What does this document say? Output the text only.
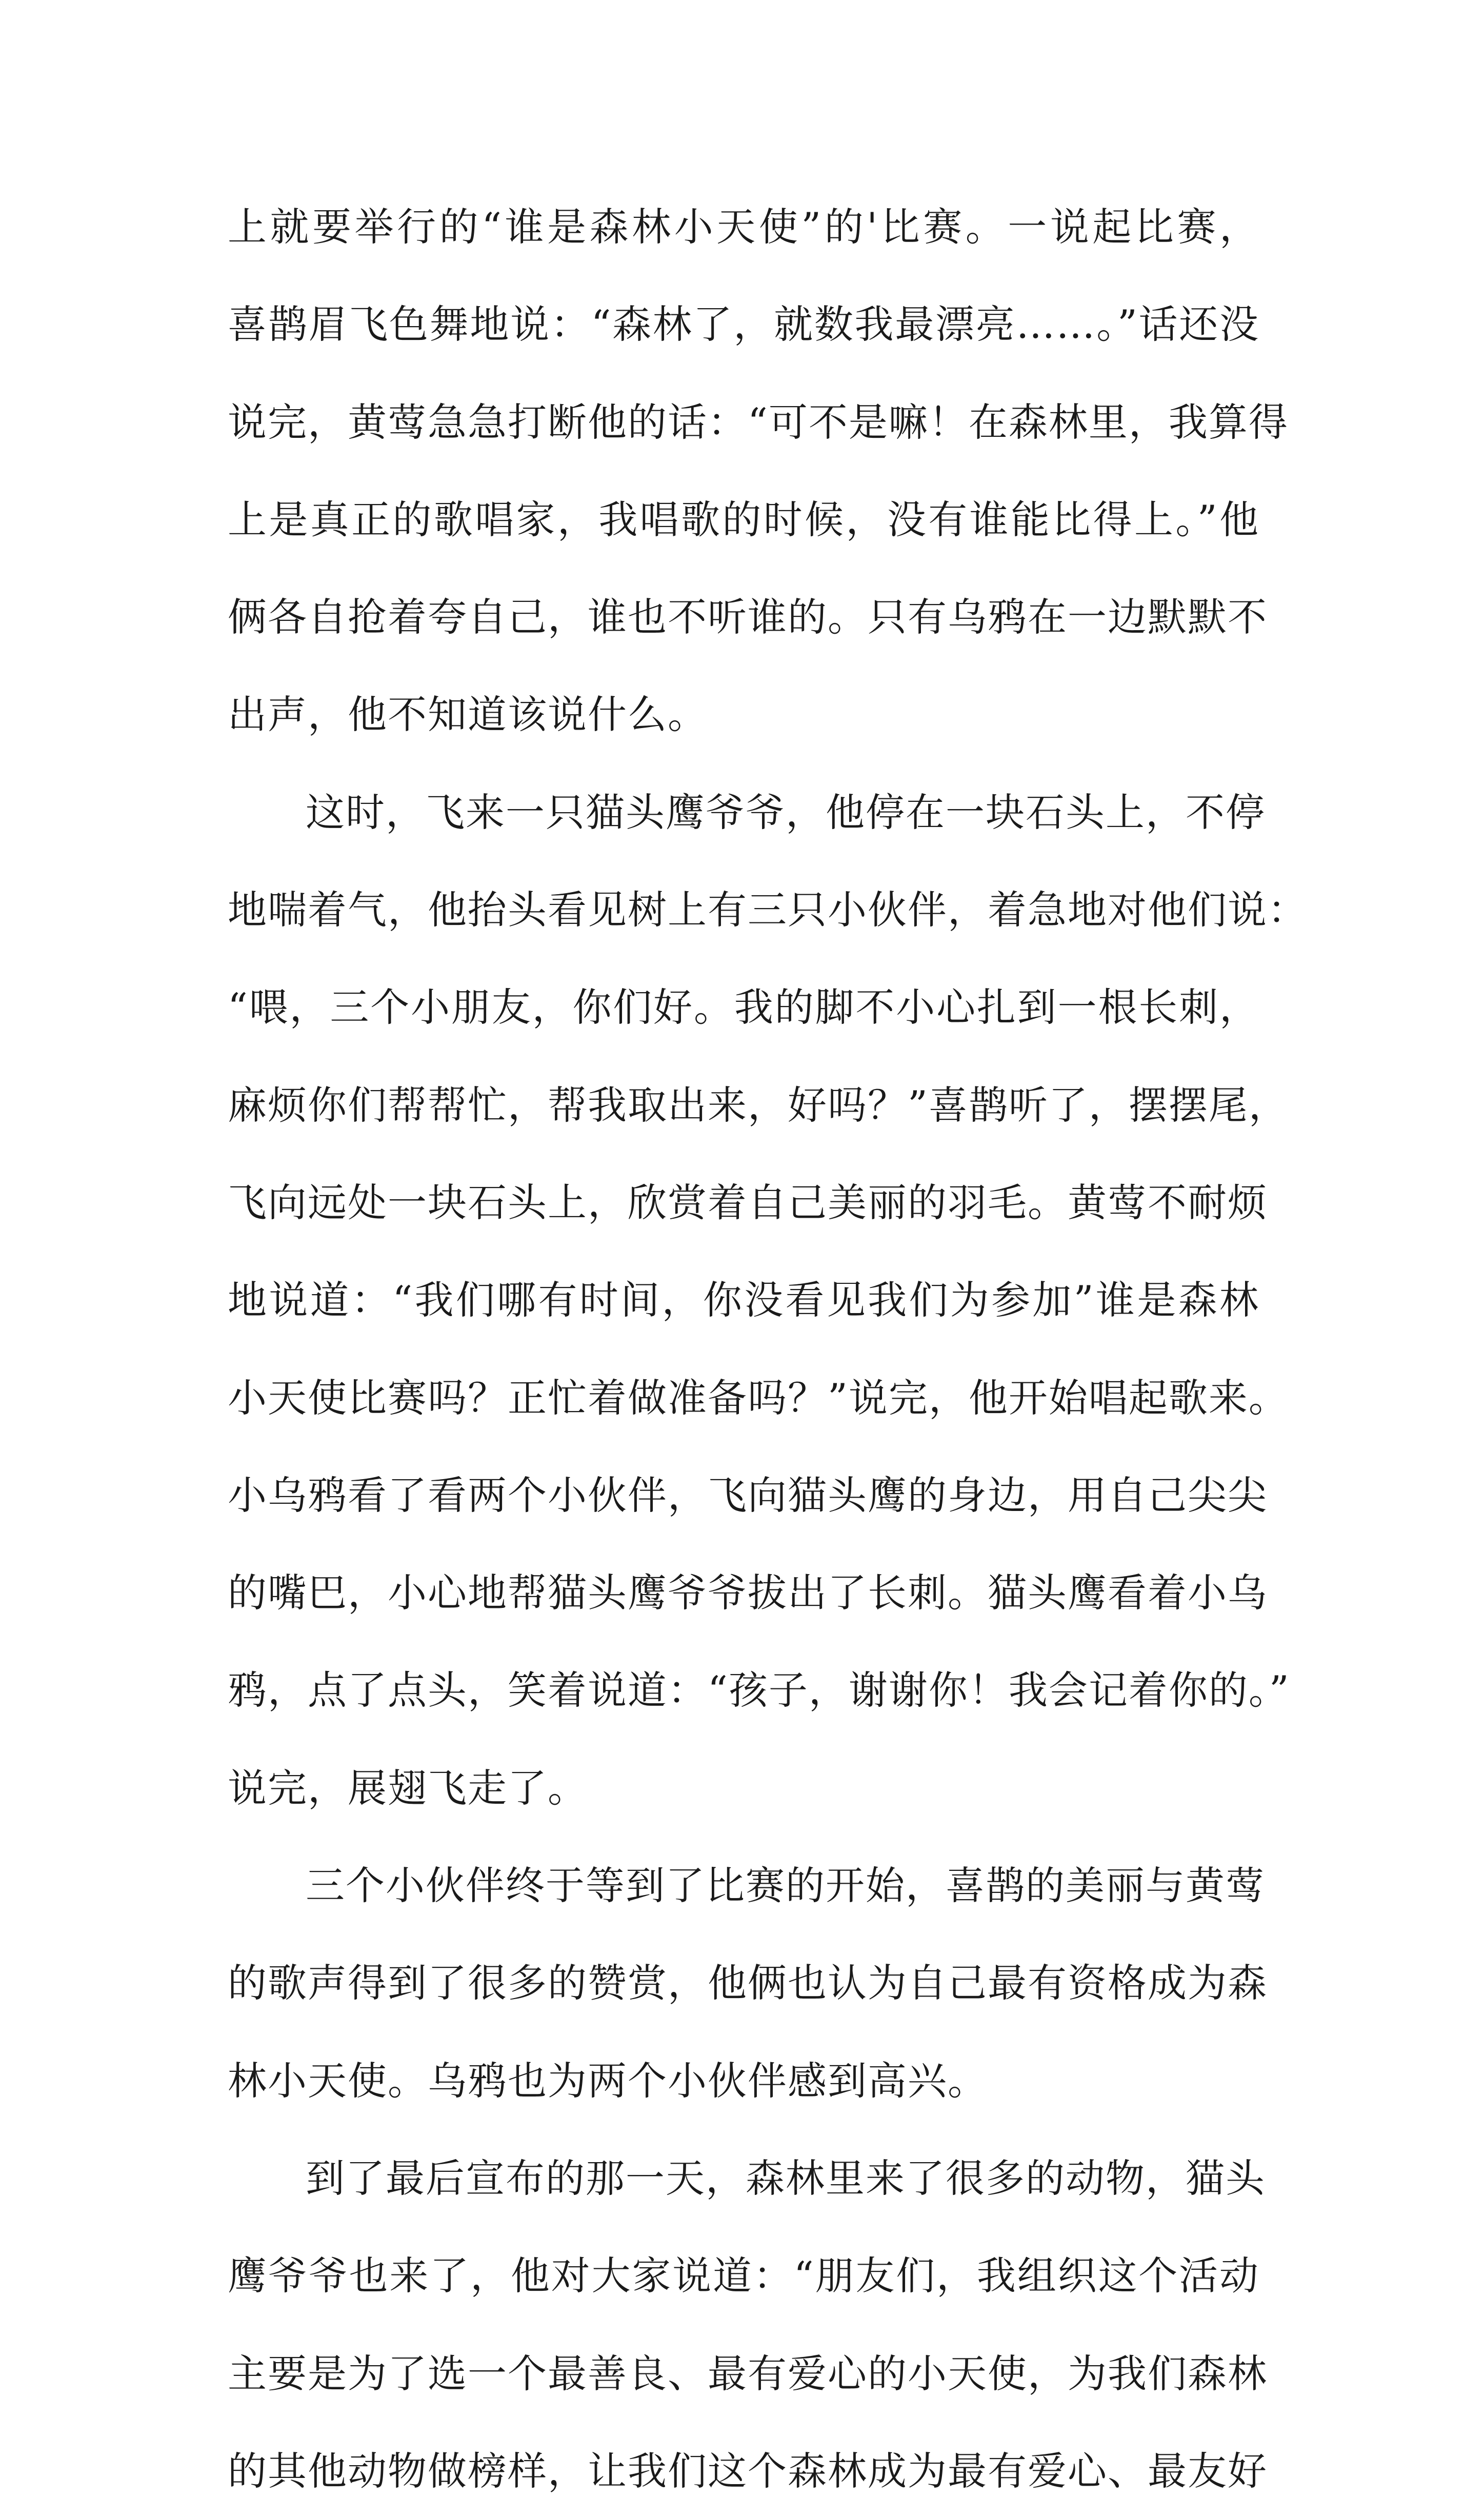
上就要举行的“谁是森林小天使”的'比赛。一说起比赛，
喜鹊眉飞色舞地说：“森林了，就数我最漂亮……。”话还没
说完，黄莺急急打断他的话：“可不是嘛！在森林里，我算得
上是真正的歌唱家，我唱歌的时候，没有谁能比得上。”他
俩各自抢着夸自己，谁也不听谁的。只有乌鸦在一边默默不
出声，他不知道该说什么。
这时，飞来一只猫头鹰爷爷，他停在一块石头上，不停
地喘着气，他抬头看见树上有三只小伙伴，着急地对他们说：
“喂，三个小朋友，你们好。我的脚不小心扎到一根长刺，
麻烦你们帮帮忙，帮我取出来，好吗？”喜鹊听了，摆摆尾，
飞向远处一块石头上，欣赏着自己美丽的羽毛。黄莺不耐烦
地说道：“我们哪有时间，你没看见我们为参加”谁是森林
小天使比赛吗？正忙着做准备吗？”说完，他开始唱起歌来。
小乌鸦看了看两个小伙伴，飞向猫头鹰的身边，用自己尖尖
的嘴巴，小心地帮猫头鹰爷爷拔出了长刺。猫头鹰看着小乌
鸦，点了点头，笑着说道：“孩子，谢谢你！我会记着你的。”
说完，展翅飞走了。
三个小伙伴终于等到了比赛的开始，喜鹊的美丽与黄莺
的歌声得到了很多的赞赏，他俩也认为自己最有资格成为森
林小天使。乌鸦也为两个小伙伴感到高兴。
到了最后宣布的那一天，森林里来了很多的动物，猫头
鹰爷爷也来了，他对大家说道：“朋友们，我组织这个活动
主要是为了选一个最善良、最有爱心的小天使，为我们森林
的其他动物做榜样，让我们这个森林成为最有爱心、最友好
